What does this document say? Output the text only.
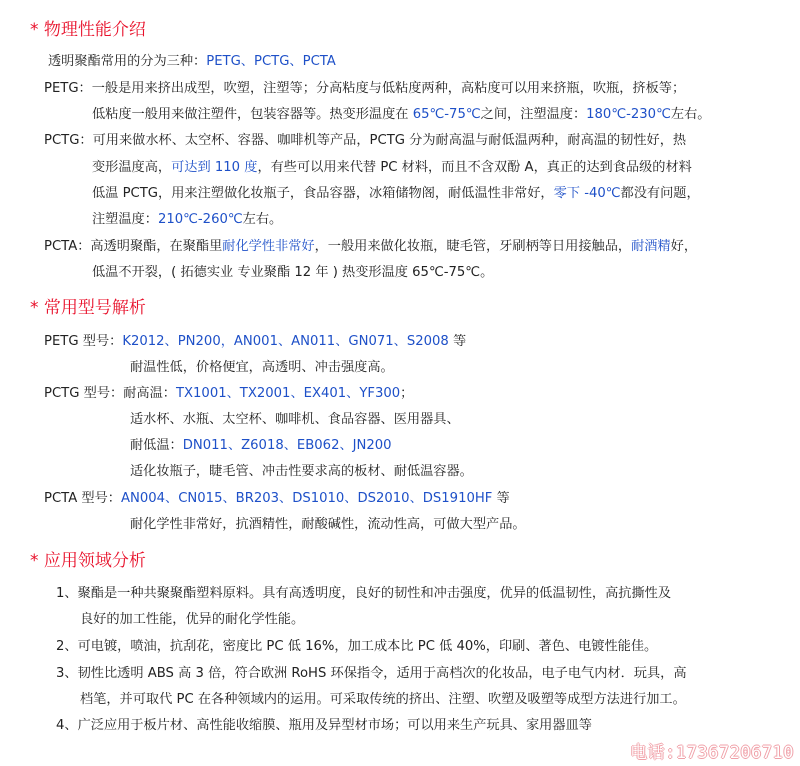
* 物理性能介绍
透明聚酯常用的分为三种：PETG、PCTG、PCTA
PETG：一般是用来挤出成型，吹塑，注塑等；分高粘度与低粘度两种，高粘度可以用来挤瓶，吹瓶，挤板等；
低粘度一般用来做注塑件，包装容器等。热变形温度在 65℃-75℃之间，注塑温度：180℃-230℃左右。
PCTG：可用来做水杯、太空杯、容器、咖啡机等产品，PCTG 分为耐高温与耐低温两种，耐高温的韧性好，热
变形温度高，可达到 110 度，有些可以用来代替 PC 材料，而且不含双酚 A，真正的达到食品级的材料
低温 PCTG，用来注塑做化妆瓶子，食品容器，冰箱储物阁，耐低温性非常好，零下 -40℃都没有问题，
注塑温度：210℃-260℃左右。
PCTA：高透明聚酯，在聚酯里耐化学性非常好，一般用来做化妆瓶，睫毛管，牙刷柄等日用接触品，耐酒精好，
低温不开裂，( 拓德实业 专业聚酯 12 年 ) 热变形温度 65℃-75℃。
* 常用型号解析
PETG 型号：K2012、PN200，AN001、AN011、GN071、S2008 等
耐温性低，价格便宜，高透明、冲击强度高。
PCTG 型号：耐高温：TX1001、TX2001、EX401、YF300；
适水杯、水瓶、太空杯、咖啡机、食品容器、医用器具、
耐低温：DN011、Z6018、EB062、JN200
适化妆瓶子，睫毛管、冲击性要求高的板材、耐低温容器。
PCTA 型号：AN004、CN015、BR203、DS1010、DS2010、DS1910HF 等
耐化学性非常好，抗酒精性，耐酸碱性，流动性高，可做大型产品。
* 应用领域分析
1、聚酯是一种共聚聚酯塑料原料。具有高透明度，良好的韧性和冲击强度，优异的低温韧性，高抗撕性及
良好的加工性能，优异的耐化学性能。
2、可电镀，喷油，抗刮花，密度比 PC 低 16%，加工成本比 PC 低 40%，印刷、著色、电镀性能佳。
3、韧性比透明 ABS 高 3 倍，符合欧洲 RoHS 环保指令，适用于高档次的化妆品，电子电气内材．玩具，高
档笔，并可取代 PC 在各种领域内的运用。可采取传统的挤出、注塑、吹塑及吸塑等成型方法进行加工。
4、广泛应用于板片材、高性能收缩膜、瓶用及异型材市场；可以用来生产玩具、家用器皿等
电话:17367206710
